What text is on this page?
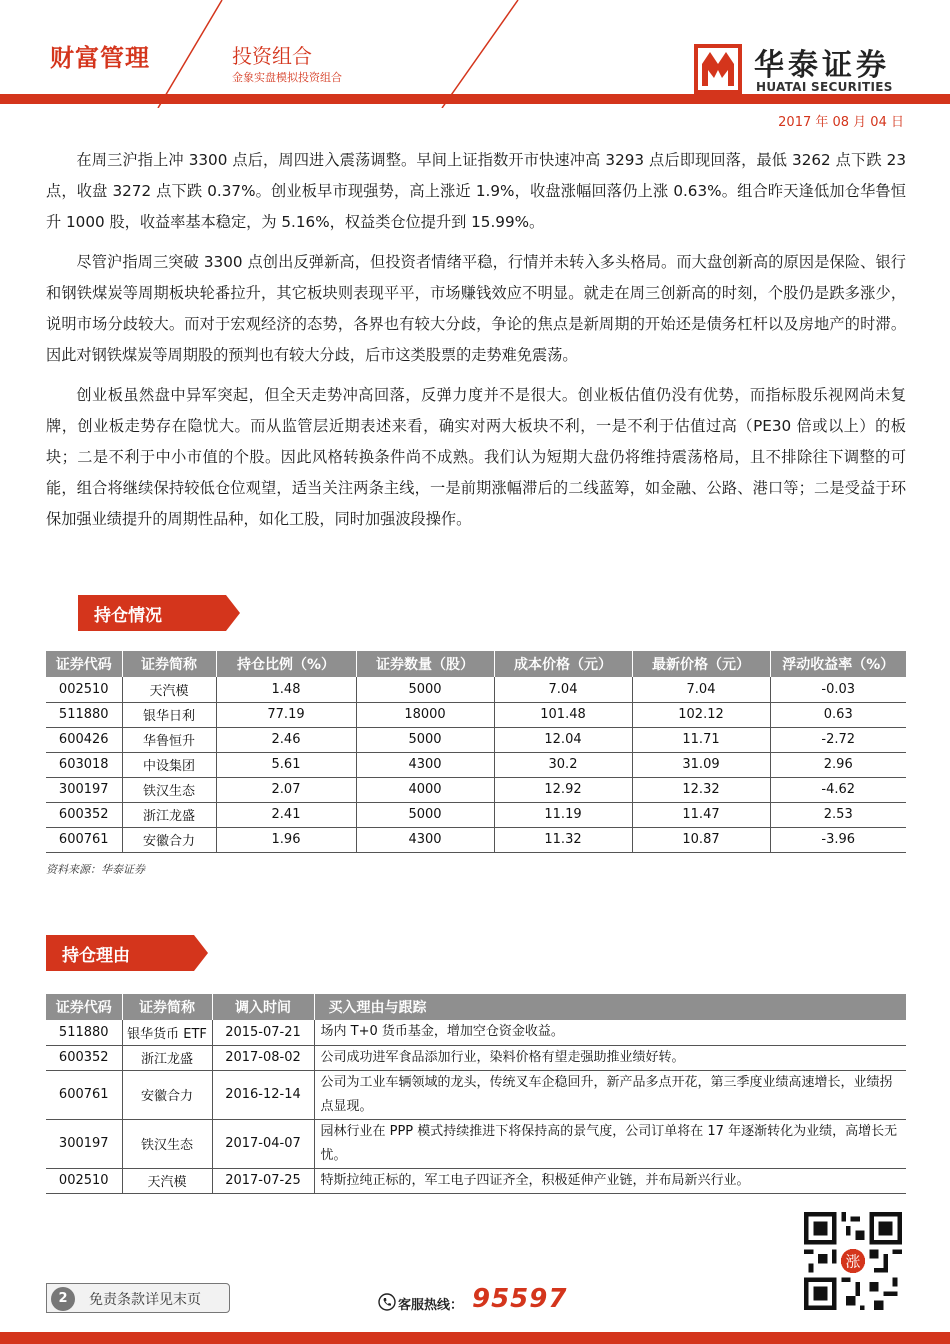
财富管理	投资组合
金象实盘模拟投资组合	华泰证券
HUATAI SECURITIES
2017 年 08 月 04 日

在周三沪指上冲 3300 点后，周四进入震荡调整。早间上证指数开市快速冲高 3293 点后即现回落，最低 3262 点下跌 23 点，收盘 3272 点下跌 0.37%。创业板早市现强势，高上涨近 1.9%，收盘涨幅回落仍上涨 0.63%。组合昨天逢低加仓华鲁恒升 1000 股，收益率基本稳定，为 5.16%，权益类仓位提升到 15.99%。

尽管沪指周三突破 3300 点创出反弹新高，但投资者情绪平稳，行情并未转入多头格局。而大盘创新高的原因是保险、银行和钢铁煤炭等周期板块轮番拉升，其它板块则表现平平，市场赚钱效应不明显。就走在周三创新高的时刻，个股仍是跌多涨少，说明市场分歧较大。而对于宏观经济的态势，各界也有较大分歧，争论的焦点是新周期的开始还是债务杠杆以及房地产的时滞。因此对钢铁煤炭等周期股的预判也有较大分歧，后市这类股票的走势难免震荡。

创业板虽然盘中异军突起，但全天走势冲高回落，反弹力度并不是很大。创业板估值仍没有优势，而指标股乐视网尚未复牌，创业板走势存在隐忧大。而从监管层近期表述来看，确实对两大板块不利，一是不利于估值过高（PE30 倍或以上）的板块；二是不利于中小市值的个股。因此风格转换条件尚不成熟。我们认为短期大盘仍将维持震荡格局，且不排除往下调整的可能，组合将继续保持较低仓位观望，适当关注两条主线，一是前期涨幅滞后的二线蓝筹，如金融、公路、港口等；二是受益于环保加强业绩提升的周期性品种，如化工股，同时加强波段操作。

持仓情况
证券代码	证券简称	持仓比例（%）	证券数量（股）	成本价格（元）	最新价格（元）	浮动收益率（%）
002510	天汽模	1.48	5000	7.04	7.04	-0.03
511880	银华日利	77.19	18000	101.48	102.12	0.63
600426	华鲁恒升	2.46	5000	12.04	11.71	-2.72
603018	中设集团	5.61	4300	30.2	31.09	2.96
300197	铁汉生态	2.07	4000	12.92	12.32	-4.62
600352	浙江龙盛	2.41	5000	11.19	11.47	2.53
600761	安徽合力	1.96	4300	11.32	10.87	-3.96
资料来源：华泰证券
持仓理由
证券代码	证券简称	调入时间	买入理由与跟踪
511880	银华货币 ETF	2015-07-21	场内 T+0 货币基金，增加空仓资金收益。
600352	浙江龙盛	2017-08-02	公司成功进军食品添加行业，染料价格有望走强助推业绩好转。
600761	安徽合力	2016-12-14	公司为工业车辆领域的龙头，传统叉车企稳回升，新产品多点开花，第三季度业绩高速增长，业绩拐点显现。
300197	铁汉生态	2017-04-07	园林行业在 PPP 模式持续推进下将保持高的景气度，公司订单将在 17 年逐渐转化为业绩，高增长无忧。
002510	天汽模	2017-07-25	特斯拉纯正标的，军工电子四证齐全，积极延伸产业链，并布局新兴行业。
涨
2	免责条款详见末页	客服热线： 95597
